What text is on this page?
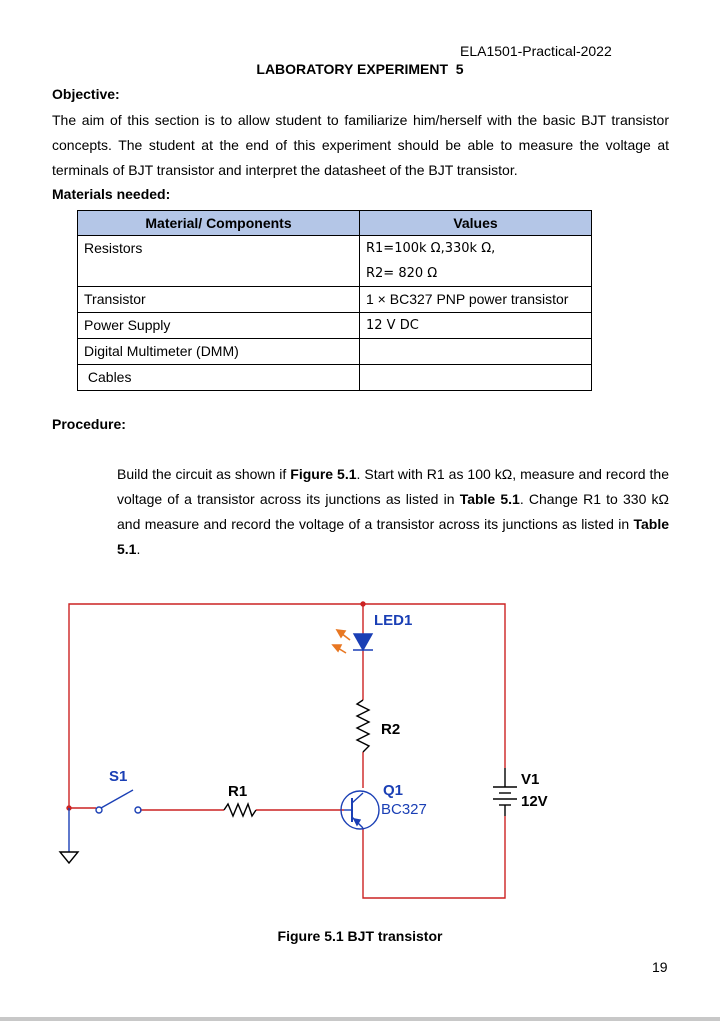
ELA1501-Practical-2022
LABORATORY EXPERIMENT 5
Objective:
The aim of this section is to allow student to familiarize him/herself with the basic BJT transistor concepts. The student at the end of this experiment should be able to measure the voltage at terminals of BJT transistor and interpret the datasheet of the BJT transistor.
Materials needed:
Material/ Components	Values
Resistors	R1=100k Ω,330k Ω,
R2= 820 Ω

Transistor	1 × BC327 PNP power transistor
Power Supply	12 V DC
Digital Multimeter (DMM)	
Cables	
Procedure:
Build the circuit as shown if Figure 5.1. Start with R1 as 100 kΩ, measure and record the voltage of a transistor across its junctions as listed in Table 5.1. Change R1 to 330 kΩ and measure and record the voltage of a transistor across its junctions as listed in Table 5.1.
LED1
R2
S1
R1	Q1
BC327
V1
12V
Figure 5.1 BJT transistor
19
